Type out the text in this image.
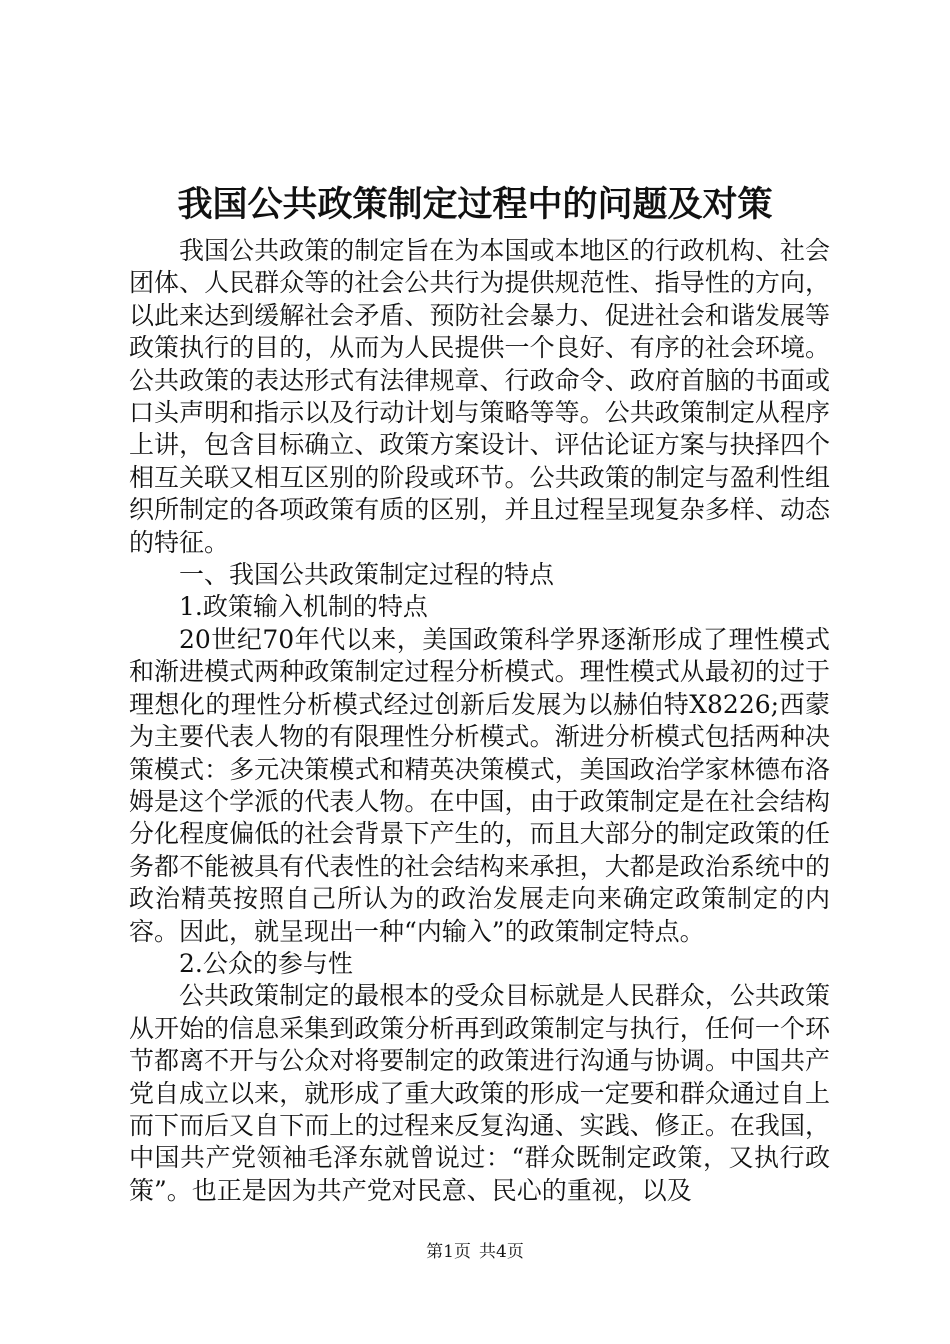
我国公共政策制定过程中的问题及对策

我国公共政策的制定旨在为本国或本地区的行政机构、社会团体、人民群众等的社会公共行为提供规范性、指导性的方向，以此来达到缓解社会矛盾、预防社会暴力、促进社会和谐发展等政策执行的目的，从而为人民提供一个良好、有序的社会环境。公共政策的表达形式有法律规章、行政命令、政府首脑的书面或口头声明和指示以及行动计划与策略等等。公共政策制定从程序上讲，包含目标确立、政策方案设计、评估论证方案与抉择四个相互关联又相互区别的阶段或环节。公共政策的制定与盈利性组织所制定的各项政策有质的区别，并且过程呈现复杂多样、动态的特征。

一、我国公共政策制定过程的特点

1.政策输入机制的特点

20世纪70年代以来，美国政策科学界逐渐形成了理性模式和渐进模式两种政策制定过程分析模式。理性模式从最初的过于理想化的理性分析模式经过创新后发展为以赫伯特X8226;西蒙为主要代表人物的有限理性分析模式。渐进分析模式包括两种决策模式：多元决策模式和精英决策模式，美国政治学家林德布洛姆是这个学派的代表人物。在中国，由于政策制定是在社会结构分化程度偏低的社会背景下产生的，而且大部分的制定政策的任务都不能被具有代表性的社会结构来承担，大都是政治系统中的政治精英按照自己所认为的政治发展走向来确定政策制定的内容。因此，就呈现出一种“内输入”的政策制定特点。

2.公众的参与性

公共政策制定的最根本的受众目标就是人民群众，公共政策从开始的信息采集到政策分析再到政策制定与执行，任何一个环节都离不开与公众对将要制定的政策进行沟通与协调。中国共产党自成立以来，就形成了重大政策的形成一定要和群众通过自上而下而后又自下而上的过程来反复沟通、实践、修正。在我国，中国共产党领袖毛泽东就曾说过：“群众既制定政策，又执行政策”。也正是因为共产党对民意、民心的重视，以及

第1页 共4页
